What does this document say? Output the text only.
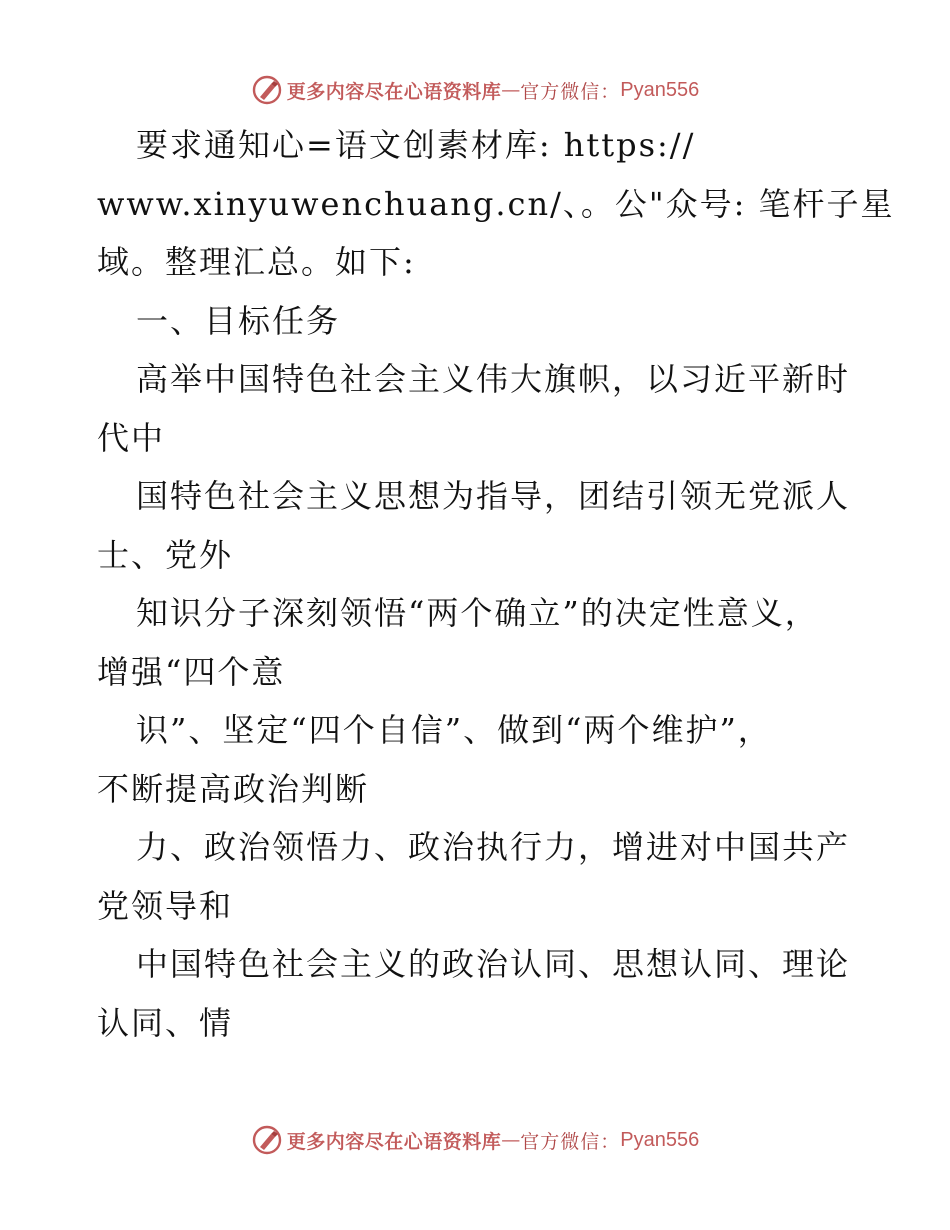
更多内容尽在心语资料库 — 官方微信： Pyan556
要求通知心=语文创素材库: https://
www.xinyuwenchuang.cn/、。公"众号: 笔杆子星
域。整理汇总。如下:
一、目标任务
高举中国特色社会主义伟大旗帜，以习近平新时
代中
国特色社会主义思想为指导，团结引领无党派人
士、党外
知识分子深刻领悟“两个确立”的决定性意义，
增强“四个意
识”、坚定“四个自信”、做到“两个维护”，
不断提高政治判断
力、政治领悟力、政治执行力，增进对中国共产
党领导和
中国特色社会主义的政治认同、思想认同、理论
认同、情
更多内容尽在心语资料库 — 官方微信： Pyan556
